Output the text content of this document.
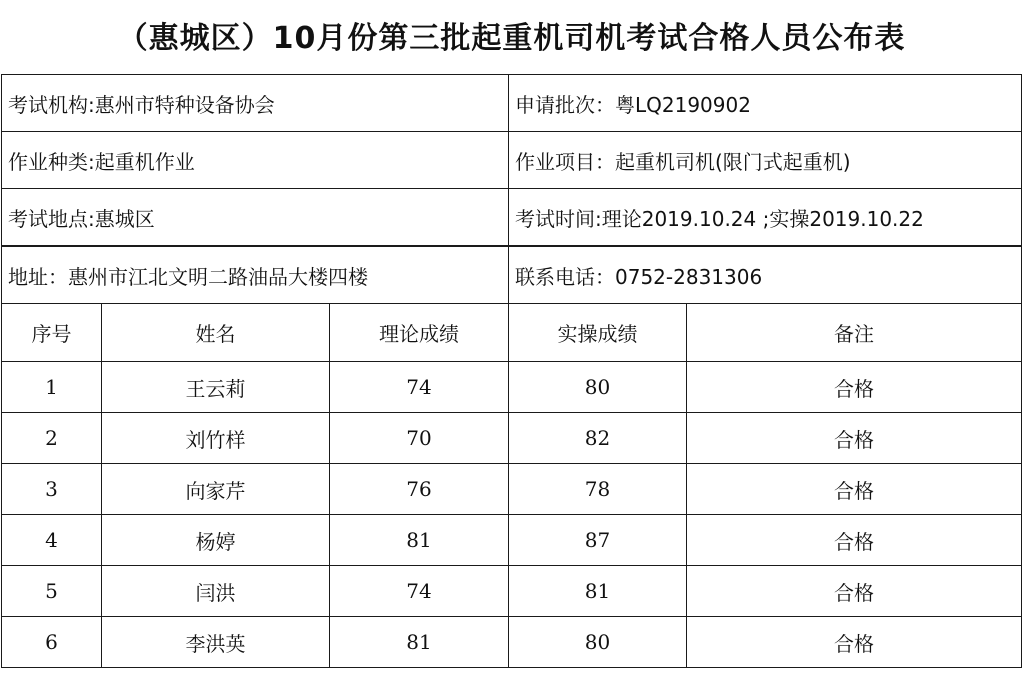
（惠城区）10月份第三批起重机司机考试合格人员公布表
考试机构:惠州市特种设备协会			申请批次：粤LQ2190902	
作业种类:起重机作业			作业项目：起重机司机(限门式起重机)	
考试地点:惠城区			考试时间:理论2019.10.24 ;实操2019.10.22	
地址：惠州市江北文明二路油品大楼四楼			联系电话：0752-2831306	
序号	姓名	理论成绩	实操成绩	备注
1	王云莉	74	80	合格
2	刘竹样	70	82	合格
3	向家芹	76	78	合格
4	杨婷	81	87	合格
5	闫洪	74	81	合格
6	李洪英	81	80	合格
